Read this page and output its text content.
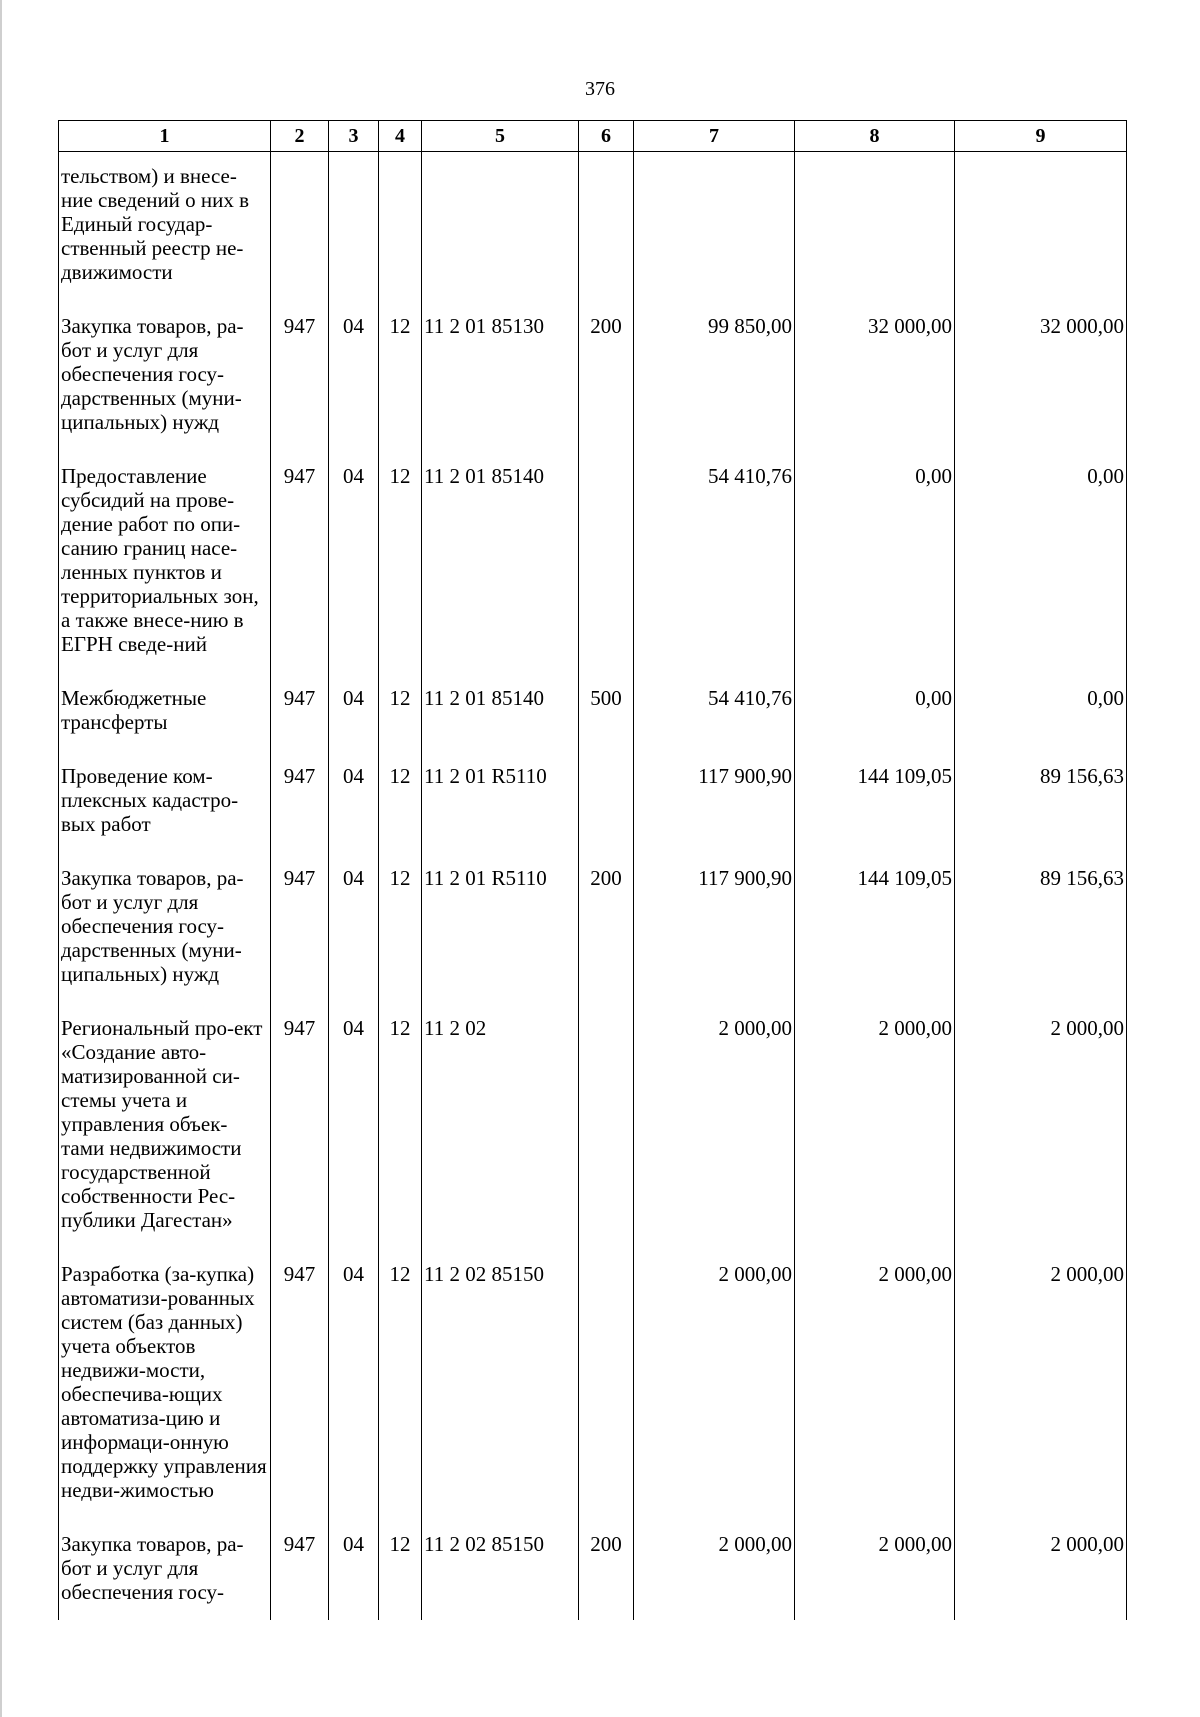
376
1	2	3	4	5	6	7	8	9
тельством) и внесе-ние сведений о них в Единый государ-ственный реестр не-движимости								
Закупка товаров, ра-бот и услуг для обеспечения госу-дарственных (муни-ципальных) нужд	947	04	12	11 2 01 85130	200	99 850,00	32 000,00	32 000,00
Предоставление субсидий на прове-дение работ по опи-санию границ насе-ленных пунктов и территориальных зон, а также внесе-нию в ЕГРН сведе-ний	947	04	12	11 2 01 85140		54 410,76	0,00	0,00
Межбюджетные трансферты	947	04	12	11 2 01 85140	500	54 410,76	0,00	0,00
Проведение ком-плексных кадастро-вых работ	947	04	12	11 2 01 R5110		117 900,90	144 109,05	89 156,63
Закупка товаров, ра-бот и услуг для обеспечения госу-дарственных (муни-ципальных) нужд	947	04	12	11 2 01 R5110	200	117 900,90	144 109,05	89 156,63
Региональный про-ект «Создание авто-матизированной си-стемы учета и управления объек-тами недвижимости государственной собственности Рес-публики Дагестан»	947	04	12	11 2 02		2 000,00	2 000,00	2 000,00
Разработка (за-купка) автоматизи-рованных систем (баз данных) учета объектов недвижи-мости, обеспечива-ющих автоматиза-цию и информаци-онную поддержку управления недви-жимостью	947	04	12	11 2 02 85150		2 000,00	2 000,00	2 000,00
Закупка товаров, ра-бот и услуг для обеспечения госу-	947	04	12	11 2 02 85150	200	2 000,00	2 000,00	2 000,00
